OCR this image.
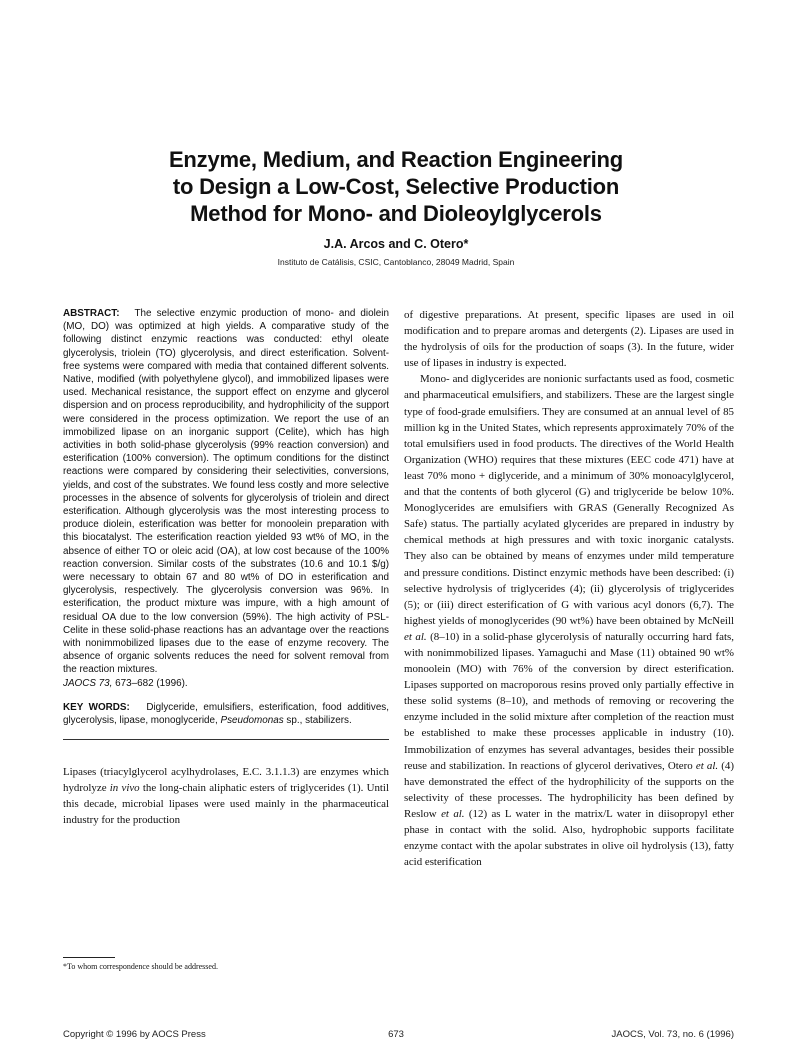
Enzyme, Medium, and Reaction Engineering
to Design a Low-Cost, Selective Production
Method for Mono- and Dioleoylglycerols

J.A. Arcos and C. Otero*

Instituto de Catálisis, CSIC, Cantoblanco, 28049 Madrid, Spain

ABSTRACT: The selective enzymic production of mono- and diolein (MO, DO) was optimized at high yields. A comparative study of the following distinct enzymic reactions was conducted: ethyl oleate glycerolysis, triolein (TO) glycerolysis, and direct esterification. Solvent-free systems were compared with media that contained different solvents. Native, modified (with polyethylene glycol), and immobilized lipases were used. Mechanical resistance, the support effect on enzyme and glycerol dispersion and on process reproducibility, and hydrophilicity of the support were considered in the process optimization. We report the use of an immobilized lipase on an inorganic support (Celite), which has high activities in both solid-phase glycerolysis (99% reaction conversion) and esterification (100% conversion). The optimum conditions for the distinct reactions were compared by considering their selectivities, conversions, yields, and cost of the substrates. We found less costly and more selective processes in the absence of solvents for glycerolysis of triolein and direct esterification. Although glycerolysis was the most interesting process to produce diolein, esterification was better for monoolein preparation with this biocatalyst. The esterification reaction yielded 93 wt% of MO, in the absence of either TO or oleic acid (OA), at low cost because of the 100% reaction conversion. Similar costs of the substrates (10.6 and 10.1 $/g) were necessary to obtain 67 and 80 wt% of DO in esterification and glycerolysis, respectively. The glycerolysis conversion was 96%. In esterification, the product mixture was impure, with a high amount of residual OA due to the low conversion (59%). The high activity of PSL-Celite in these solid-phase reactions has an advantage over the reactions with nonimmobilized lipases due to the ease of enzyme recovery. The absence of organic solvents reduces the need for solvent removal from the reaction mixtures.

JAOCS 73, 673–682 (1996).

KEY WORDS: Diglyceride, emulsifiers, esterification, food additives, glycerolysis, lipase, monoglyceride, Pseudomonas sp., stabilizers.

Lipases (triacylglycerol acylhydrolases, E.C. 3.1.1.3) are enzymes which hydrolyze in vivo the long-chain aliphatic esters of triglycerides (1). Until this decade, microbial lipases were used mainly in the pharmaceutical industry for the production

of digestive preparations. At present, specific lipases are used in oil modification and to prepare aromas and detergents (2). Lipases are used in the hydrolysis of oils for the production of soaps (3). In the future, wider use of lipases in industry is expected.

Mono- and diglycerides are nonionic surfactants used as food, cosmetic and pharmaceutical emulsifiers, and stabilizers. These are the largest single type of food-grade emulsifiers. They are consumed at an annual level of 85 million kg in the United States, which represents approximately 70% of the total emulsifiers used in food products. The directives of the World Health Organization (WHO) requires that these mixtures (EEC code 471) have at least 70% mono + diglyceride, and a minimum of 30% monoacylglycerol, and that the contents of both glycerol (G) and triglyceride be below 10%. Monoglycerides are emulsifiers with GRAS (Generally Recognized As Safe) status. The partially acylated glycerides are prepared in industry by chemical methods at high pressures and with toxic inorganic catalysts. They also can be obtained by means of enzymes under mild temperature and pressure conditions. Distinct enzymic methods have been described: (i) selective hydrolysis of triglycerides (4); (ii) glycerolysis of triglycerides (5); or (iii) direct esterification of G with various acyl donors (6,7). The highest yields of monoglycerides (90 wt%) have been obtained by McNeill et al. (8–10) in a solid-phase glycerolysis of naturally occurring hard fats, with nonimmobilized lipases. Yamaguchi and Mase (11) obtained 90 wt% monoolein (MO) with 76% of the conversion by direct esterification. Lipases supported on macroporous resins proved only partially effective in these solid systems (8–10), and methods of removing or recovering the enzyme included in the solid mixture after completion of the reaction must be established to make these processes applicable in industry (10). Immobilization of enzymes has several advantages, besides their possible reuse and stabilization. In reactions of glycerol derivatives, Otero et al. (4) have demonstrated the effect of the hydrophilicity of the supports on the selectivity of these processes. The hydrophilicity has been defined by Reslow et al. (12) as L water in the matrix/L water in diisopropyl ether phase in contact with the solid. Also, hydrophobic supports facilitate enzyme contact with the apolar substrates in olive oil hydrolysis (13), fatty acid esterification

*To whom correspondence should be addressed.

Copyright © 1996 by AOCS Press	673	JAOCS, Vol. 73, no. 6 (1996)
